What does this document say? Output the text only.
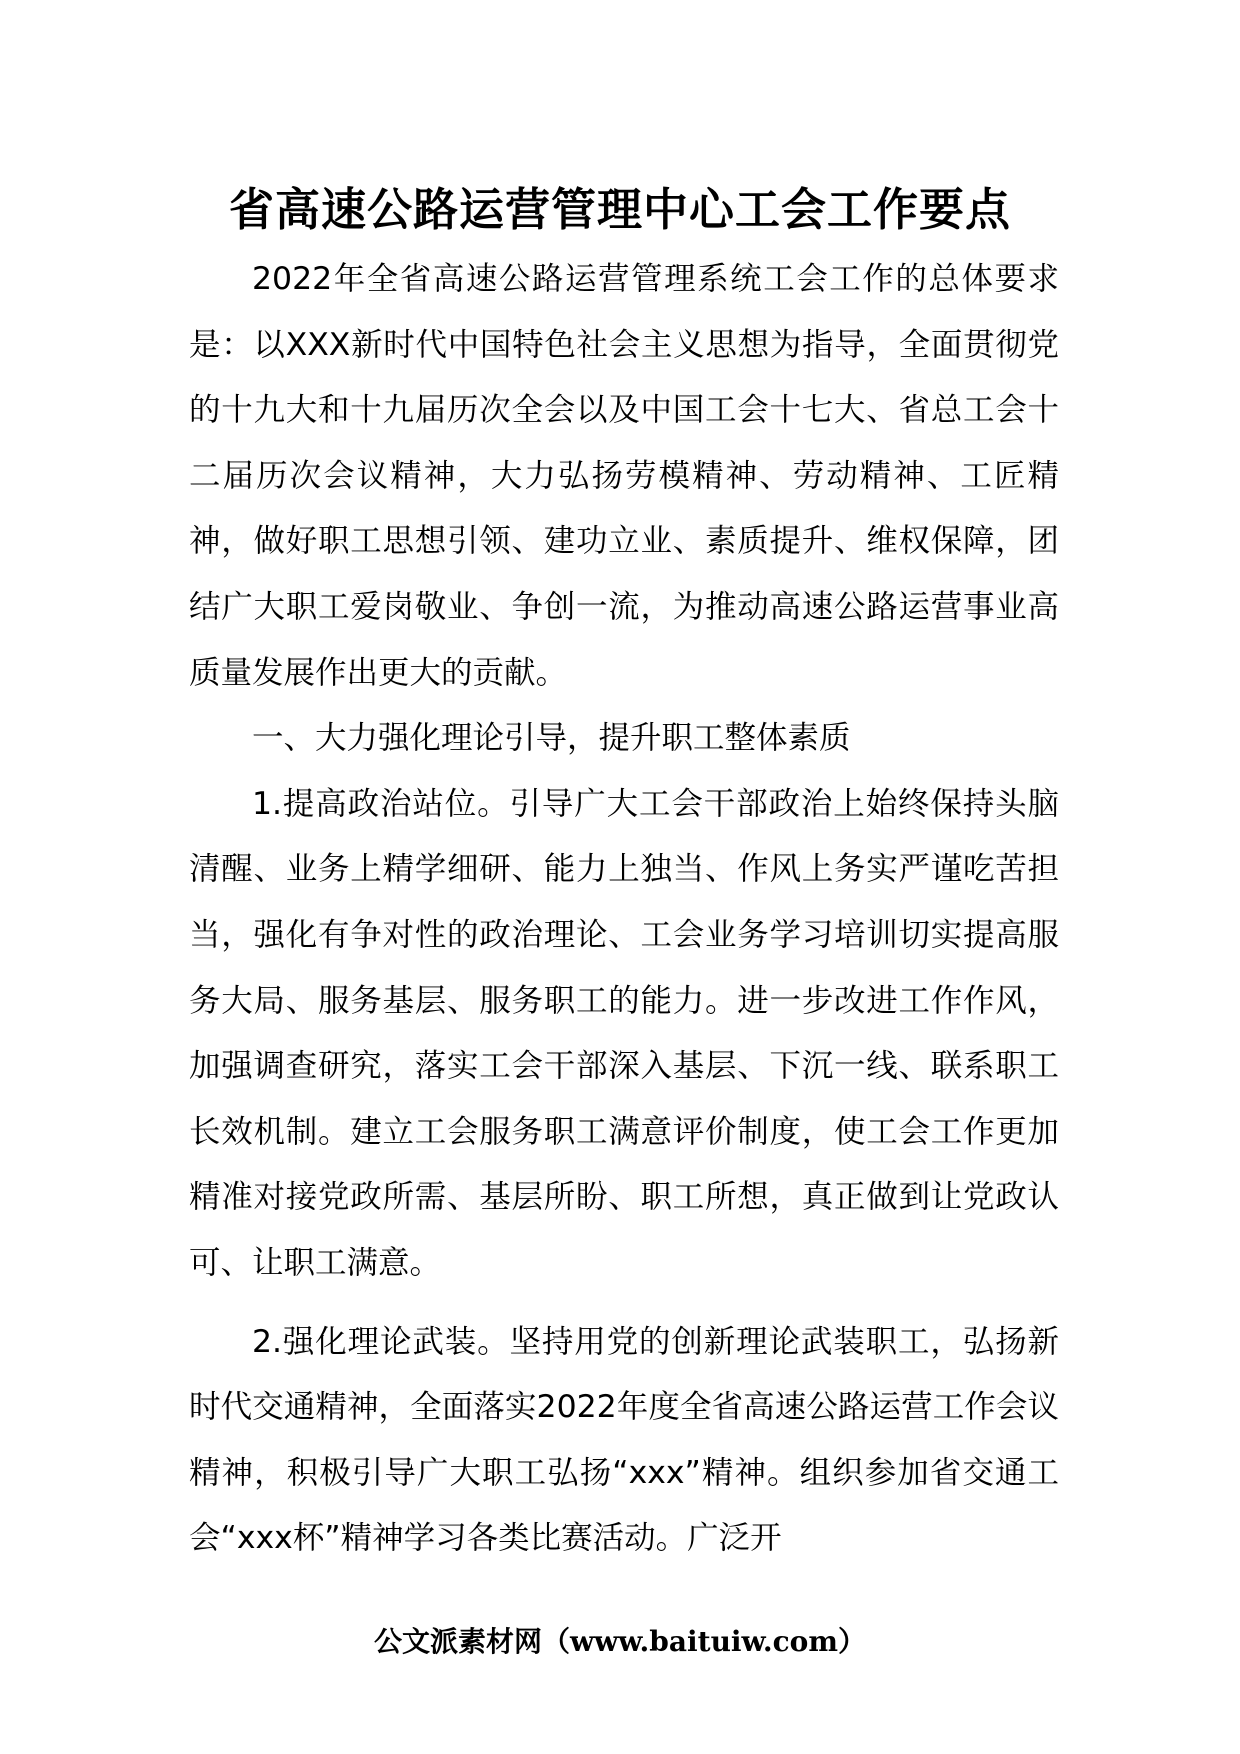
省高速公路运营管理中心工会工作要点

2022年全省高速公路运营管理系统工会工作的总体要求是：以XXX新时代中国特色社会主义思想为指导，全面贯彻党的十九大和十九届历次全会以及中国工会十七大、省总工会十二届历次会议精神，大力弘扬劳模精神、劳动精神、工匠精神，做好职工思想引领、建功立业、素质提升、维权保障，团结广大职工爱岗敬业、争创一流，为推动高速公路运营事业高质量发展作出更大的贡献。

一、大力强化理论引导，提升职工整体素质

1.提高政治站位。引导广大工会干部政治上始终保持头脑清醒、业务上精学细研、能力上独当、作风上务实严谨吃苦担当，强化有争对性的政治理论、工会业务学习培训切实提高服务大局、服务基层、服务职工的能力。进一步改进工作作风，加强调查研究，落实工会干部深入基层、下沉一线、联系职工长效机制。建立工会服务职工满意评价制度，使工会工作更加精准对接党政所需、基层所盼、职工所想，真正做到让党政认可、让职工满意。

2.强化理论武装。坚持用党的创新理论武装职工，弘扬新时代交通精神，全面落实2022年度全省高速公路运营工作会议精神，积极引导广大职工弘扬“xxx”精神。组织参加省交通工会“xxx杯”精神学习各类比赛活动。广泛开

公文派素材网（www.baituiw.com）
